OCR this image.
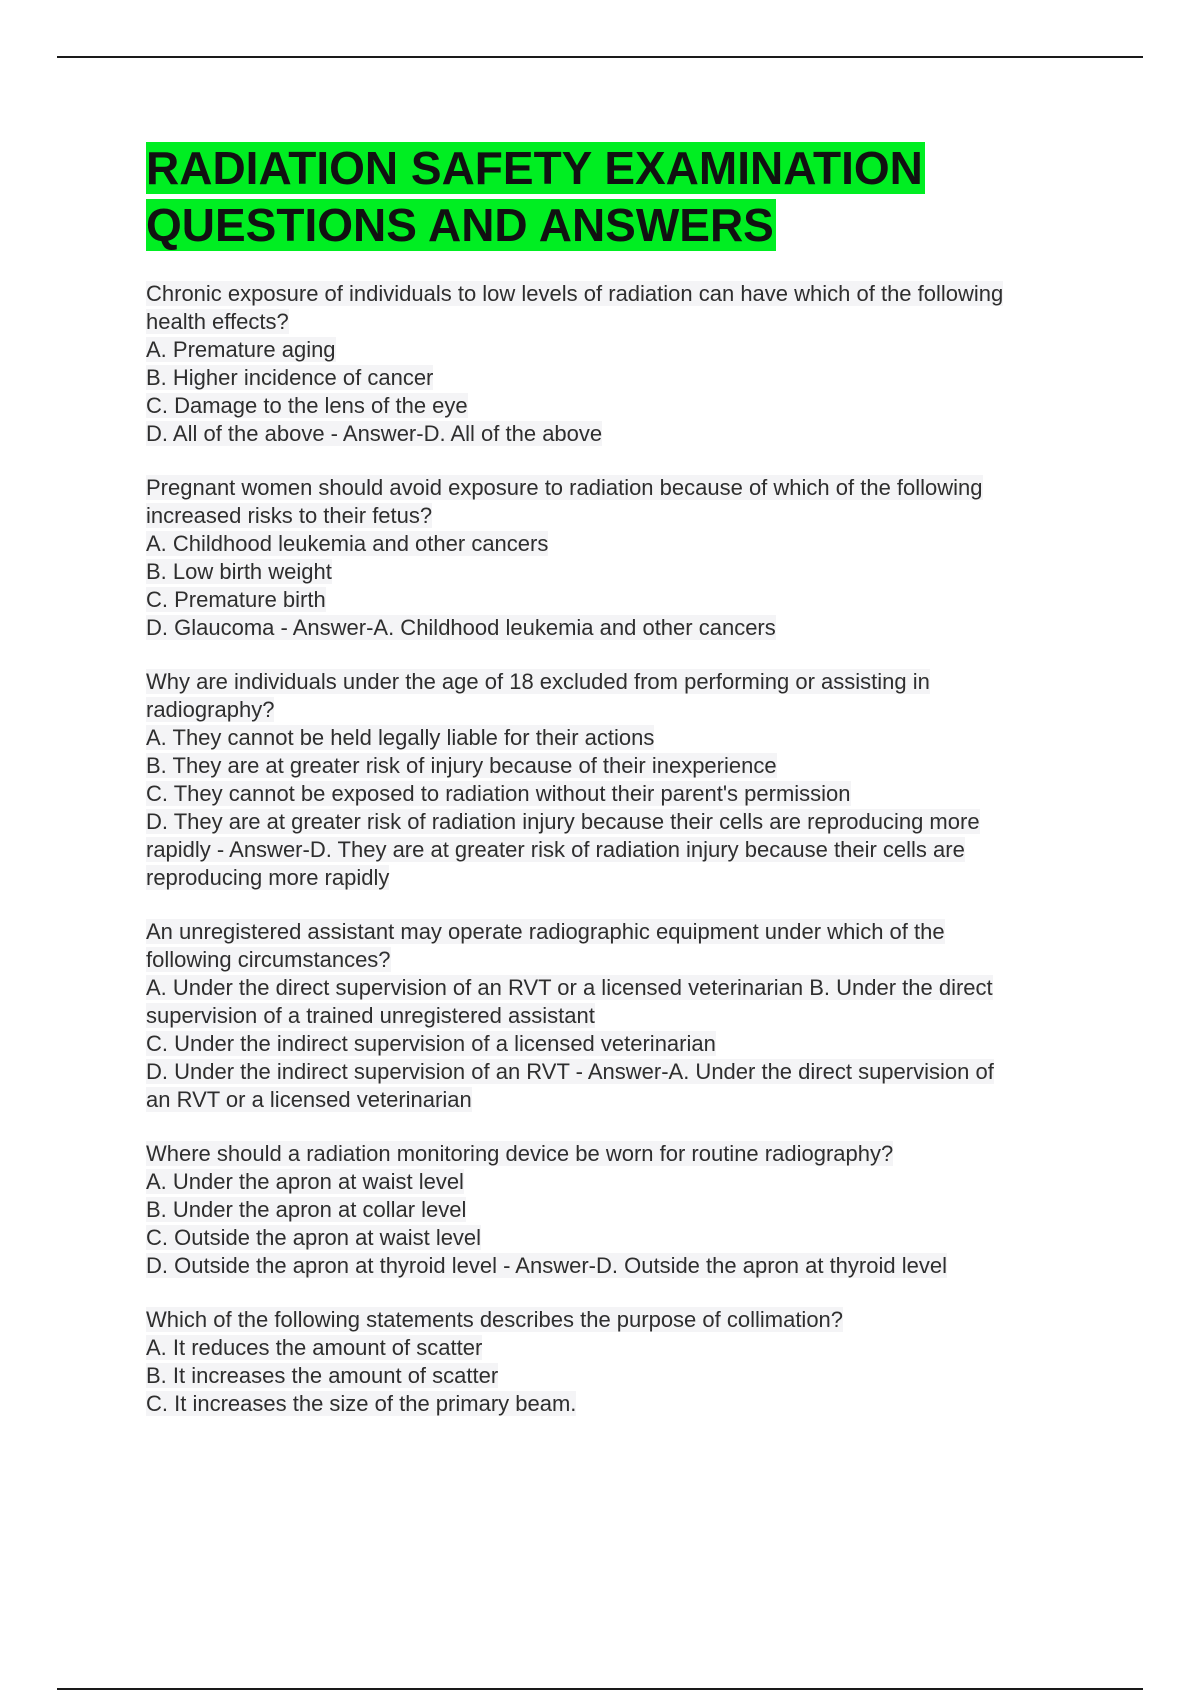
RADIATION SAFETY EXAMINATION
QUESTIONS AND ANSWERS
Chronic exposure of individuals to low levels of radiation can have which of the following
health effects?
A. Premature aging
B. Higher incidence of cancer
C. Damage to the lens of the eye
D. All of the above - Answer-D. All of the above
Pregnant women should avoid exposure to radiation because of which of the following
increased risks to their fetus?
A. Childhood leukemia and other cancers
B. Low birth weight
C. Premature birth
D. Glaucoma - Answer-A. Childhood leukemia and other cancers
Why are individuals under the age of 18 excluded from performing or assisting in
radiography?
A. They cannot be held legally liable for their actions
B. They are at greater risk of injury because of their inexperience
C. They cannot be exposed to radiation without their parent's permission
D. They are at greater risk of radiation injury because their cells are reproducing more
rapidly - Answer-D. They are at greater risk of radiation injury because their cells are
reproducing more rapidly
An unregistered assistant may operate radiographic equipment under which of the
following circumstances?
A. Under the direct supervision of an RVT or a licensed veterinarian B. Under the direct
supervision of a trained unregistered assistant
C. Under the indirect supervision of a licensed veterinarian
D. Under the indirect supervision of an RVT - Answer-A. Under the direct supervision of
an RVT or a licensed veterinarian
Where should a radiation monitoring device be worn for routine radiography?
A. Under the apron at waist level
B. Under the apron at collar level
C. Outside the apron at waist level
D. Outside the apron at thyroid level - Answer-D. Outside the apron at thyroid level
Which of the following statements describes the purpose of collimation?
A. It reduces the amount of scatter
B. It increases the amount of scatter
C. It increases the size of the primary beam.
